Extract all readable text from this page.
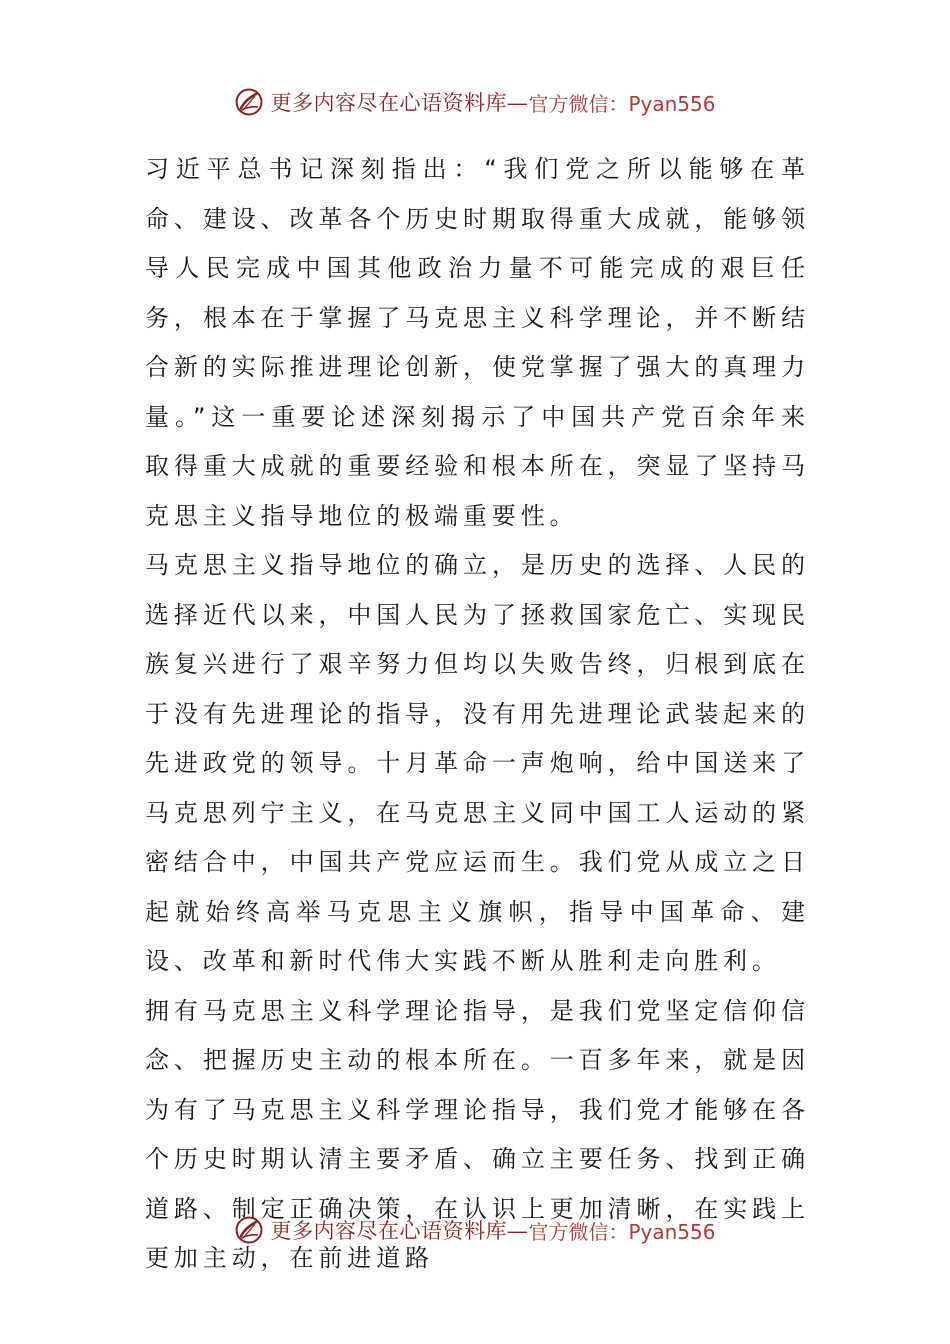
更多内容尽在心语资料库— 官方微信：Pyan556

习近平总书记深刻指出：“我们党之所以能够在革命、建设、改革各个历史时期取得重大成就，能够领导人民完成中国其他政治力量不可能完成的艰巨任务，根本在于掌握了马克思主义科学理论，并不断结合新的实际推进理论创新，使党掌握了强大的真理力量。”这一重要论述深刻揭示了中国共产党百余年来取得重大成就的重要经验和根本所在，突显了坚持马克思主义指导地位的极端重要性。

马克思主义指导地位的确立，是历史的选择、人民的选择近代以来，中国人民为了拯救国家危亡、实现民族复兴进行了艰辛努力但均以失败告终，归根到底在于没有先进理论的指导，没有用先进理论武装起来的先进政党的领导。十月革命一声炮响，给中国送来了马克思列宁主义，在马克思主义同中国工人运动的紧密结合中，中国共产党应运而生。我们党从成立之日起就始终高举马克思主义旗帜，指导中国革命、建设、改革和新时代伟大实践不断从胜利走向胜利。

拥有马克思主义科学理论指导，是我们党坚定信仰信念、把握历史主动的根本所在。一百多年来，就是因为有了马克思主义科学理论指导，我们党才能够在各个历史时期认清主要矛盾、确立主要任务、找到正确道路、制定正确决策，在认识上更加清晰，在实践上更加主动，在前进道路

更多内容尽在心语资料库— 官方微信：Pyan556
